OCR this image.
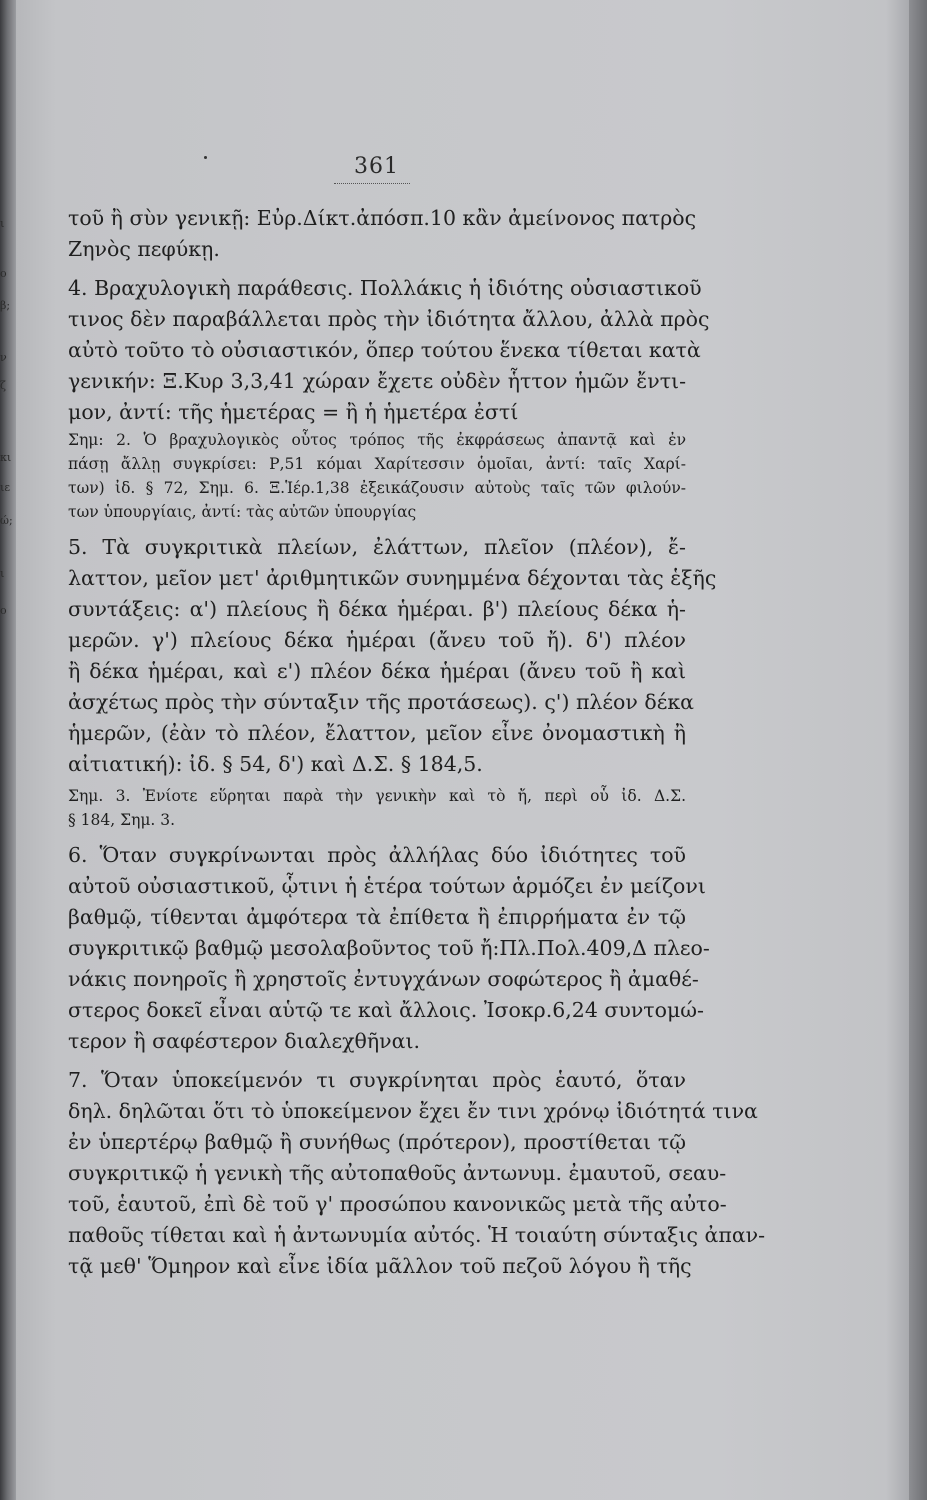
ι
ο
β;
ν
ζ
κι
ιε
ώ;
ι
ο
361
τοῦ ἢ σὺν γενικῇ: Εὐρ.Δίκτ.ἀπόσπ.10 κἂν ἀμείνονος πατρὸς
Ζηνὸς πεφύκῃ.
4. Βραχυλογικὴ παράθεσις. Πολλάκις ἡ ἰδιότης οὐσιαστικοῦ
τινος δὲν παραβάλλεται πρὸς τὴν ἰδιότητα ἄλλου, ἀλλὰ πρὸς
αὐτὸ τοῦτο τὸ οὐσιαστικόν, ὅπερ τούτου ἕνεκα τίθεται κατὰ
γενικήν: Ξ.Κυρ 3,3,41 χώραν ἔχετε οὐδὲν ἧττον ἡμῶν ἔντι-
μον, ἀντί: τῆς ἡμετέρας = ἢ ἡ ἡμετέρα ἐστί
Σημ: 2. Ὁ βραχυλογικὸς οὗτος τρόπος τῆς ἐκφράσεως ἀπαντᾷ καὶ ἐν
πάσῃ ἄλλῃ συγκρίσει: Ρ,51 κόμαι Χαρίτεσσιν ὁμοῖαι, ἀντί: ταῖς Χαρί-
των) ἰδ. § 72, Σημ. 6. Ξ.Ἱέρ.1,38 ἐξεικάζουσιν αὐτοὺς ταῖς τῶν φιλούν-
των ὑπουργίαις, ἀντί: τὰς αὐτῶν ὑπουργίας
5. Τὰ συγκριτικὰ πλείων, ἐλάττων, πλεῖον (πλέον), ἔ-
λαττον, μεῖον μετ' ἀριθμητικῶν συνημμένα δέχονται τὰς ἑξῆς
συντάξεις: α') πλείους ἢ δέκα ἡμέραι. β') πλείους δέκα ἡ-
μερῶν. γ') πλείους δέκα ἡμέραι (ἄνευ τοῦ ἤ). δ') πλέον
ἢ δέκα ἡμέραι, καὶ ε') πλέον δέκα ἡμέραι (ἄνευ τοῦ ἢ καὶ
ἀσχέτως πρὸς τὴν σύνταξιν τῆς προτάσεως). ς') πλέον δέκα
ἡμερῶν, (ἐὰν τὸ πλέον, ἔλαττον, μεῖον εἶνε ὀνομαστικὴ ἢ
αἰτιατική): ἰδ. § 54, δ') καὶ Δ.Σ. § 184,5.
Σημ. 3. Ἐνίοτε εὕρηται παρὰ τὴν γενικὴν καὶ τὸ ἤ, περὶ οὗ ἰδ. Δ.Σ.
§ 184, Σημ. 3.
6. Ὅταν συγκρίνωνται πρὸς ἀλλήλας δύο ἰδιότητες τοῦ
αὐτοῦ οὐσιαστικοῦ, ᾧτινι ἡ ἑτέρα τούτων ἁρμόζει ἐν μείζονι
βαθμῷ, τίθενται ἀμφότερα τὰ ἐπίθετα ἢ ἐπιρρήματα ἐν τῷ
συγκριτικῷ βαθμῷ μεσολαβοῦντος τοῦ ἤ:Πλ.Πολ.409,Δ πλεο-
νάκις πονηροῖς ἢ χρηστοῖς ἐντυγχάνων σοφώτερος ἢ ἀμαθέ-
στερος δοκεῖ εἶναι αὑτῷ τε καὶ ἄλλοις. Ἰσοκρ.6,24 συντομώ-
τερον ἢ σαφέστερον διαλεχθῆναι.
7. Ὅταν ὑποκείμενόν τι συγκρίνηται πρὸς ἑαυτό, ὅταν
δηλ. δηλῶται ὅτι τὸ ὑποκείμενον ἔχει ἔν τινι χρόνῳ ἰδιότητά τινα
ἐν ὑπερτέρῳ βαθμῷ ἢ συνήθως (πρότερον), προστίθεται τῷ
συγκριτικῷ ἡ γενικὴ τῆς αὐτοπαθοῦς ἀντωνυμ. ἐμαυτοῦ, σεαυ-
τοῦ, ἑαυτοῦ, ἐπὶ δὲ τοῦ γ' προσώπου κανονικῶς μετὰ τῆς αὐτο-
παθοῦς τίθεται καὶ ἡ ἀντωνυμία αὐτός. Ἡ τοιαύτη σύνταξις ἀπαν-
τᾷ μεθ' Ὅμηρον καὶ εἶνε ἰδία μᾶλλον τοῦ πεζοῦ λόγου ἢ τῆς
